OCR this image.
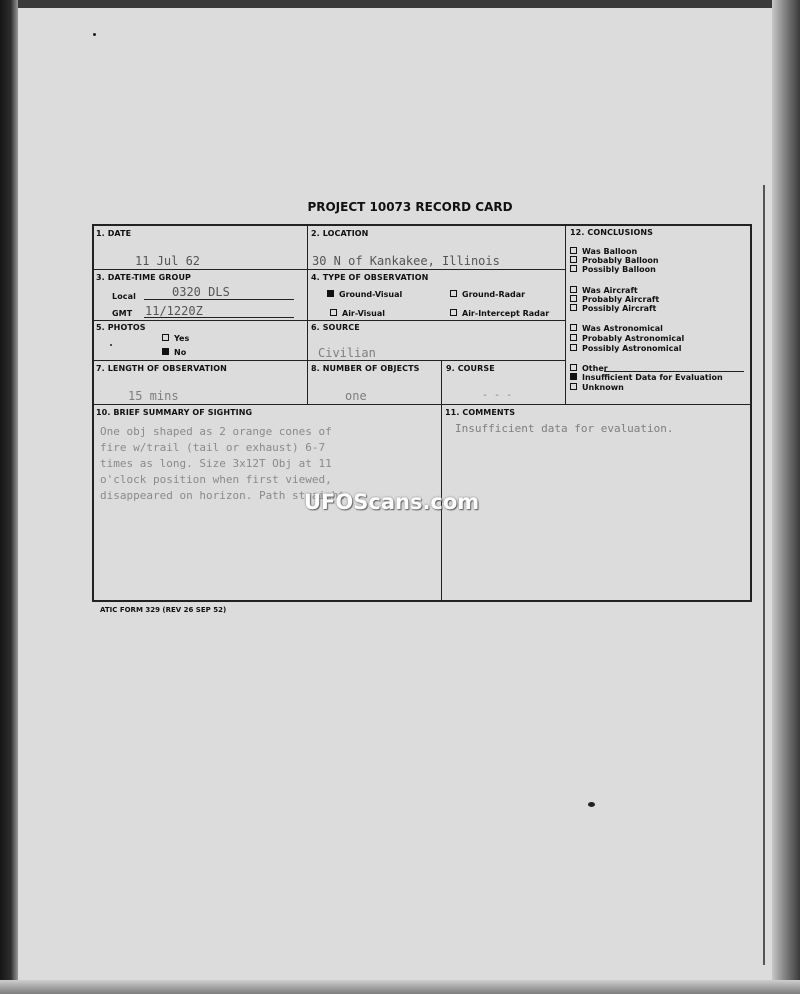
PROJECT 10073 RECORD CARD
1. DATE
11 Jul 62
2. LOCATION
30 N of Kankakee, Illinois
3. DATE-TIME GROUP
Local	0320 DLS
GMT 11/1220Z
4. TYPE OF OBSERVATION
Ground-Visual	Ground-Radar
Air-Visual	Air-Intercept Radar
5. PHOTOS
Yes
No
6. SOURCE
Civilian
7. LENGTH OF OBSERVATION
15 mins
8. NUMBER OF OBJECTS
one
9. COURSE
- - -
10. BRIEF SUMMARY OF SIGHTING
One obj shaped as 2 orange cones of
fire w/trail (tail or exhaust) 6-7
times as long. Size 3x12T Obj at 11
o'clock position when first viewed,
disappeared on horizon. Path straight.
11. COMMENTS
Insufficient data for evaluation.
12. CONCLUSIONS
Was Balloon
Probably Balloon
Possibly Balloon
Was Aircraft
Probably Aircraft
Possibly Aircraft
Was Astronomical
Probably Astronomical
Possibly Astronomical
Other
Insufficient Data for Evaluation
Unknown
UFOScans.com
ATIC FORM 329 (REV 26 SEP 52)
